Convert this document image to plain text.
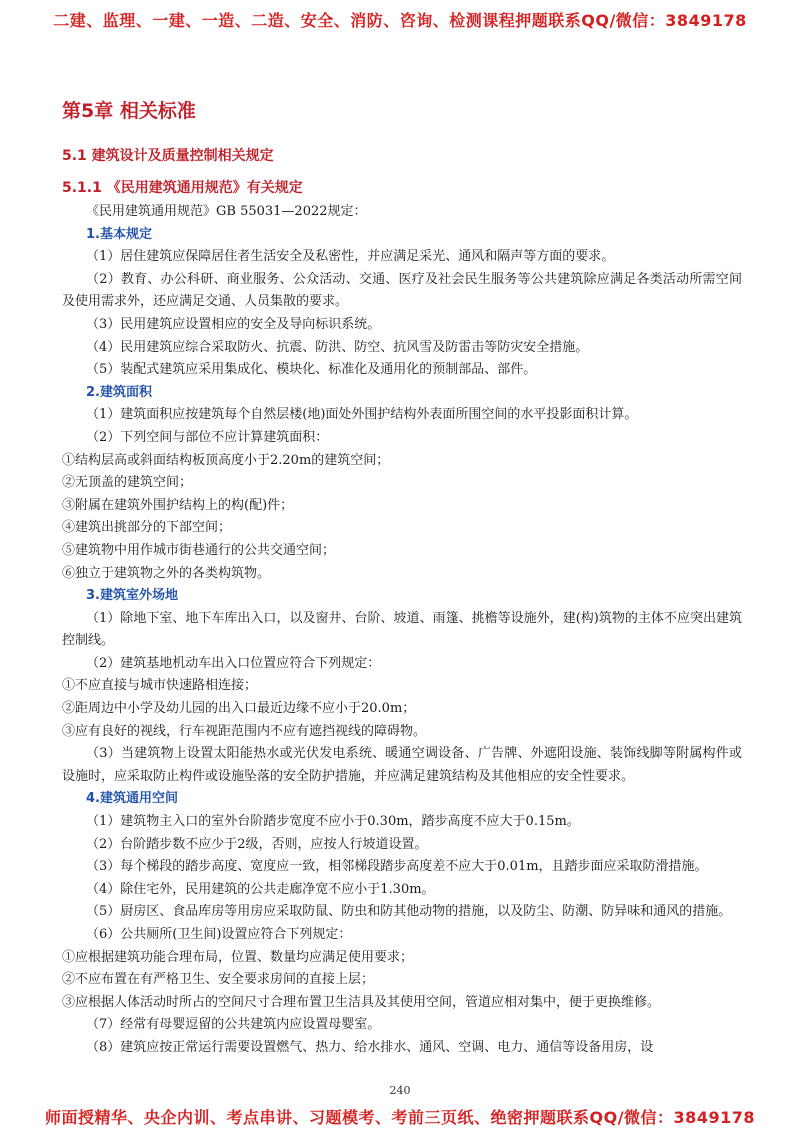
二建、监理、一建、一造、二造、安全、消防、咨询、检测课程押题联系QQ/微信：3849178
第5章 相关标准
5.1 建筑设计及质量控制相关规定
5.1.1 《民用建筑通用规范》有关规定

《民用建筑通用规范》GB 55031—2022规定：

1.基本规定

（1）居住建筑应保障居住者生活安全及私密性，并应满足采光、通风和隔声等方面的要求。

（2）教育、办公科研、商业服务、公众活动、交通、医疗及社会民生服务等公共建筑除应满足各类活动所需空间及使用需求外，还应满足交通、人员集散的要求。

（3）民用建筑应设置相应的安全及导向标识系统。

（4）民用建筑应综合采取防火、抗震、防洪、防空、抗风雪及防雷击等防灾安全措施。

（5）装配式建筑应采用集成化、模块化、标准化及通用化的预制部品、部件。

2.建筑面积

（1）建筑面积应按建筑每个自然层楼(地)面处外围护结构外表面所围空间的水平投影面积计算。

（2）下列空间与部位不应计算建筑面积：

①结构层高或斜面结构板顶高度小于2.20m的建筑空间；

②无顶盖的建筑空间；

③附属在建筑外围护结构上的构(配)件；

④建筑出挑部分的下部空间；

⑤建筑物中用作城市街巷通行的公共交通空间；

⑥独立于建筑物之外的各类构筑物。

3.建筑室外场地

（1）除地下室、地下车库出入口，以及窗井、台阶、坡道、雨篷、挑檐等设施外，建(构)筑物的主体不应突出建筑控制线。

（2）建筑基地机动车出入口位置应符合下列规定：

①不应直接与城市快速路相连接；

②距周边中小学及幼儿园的出入口最近边缘不应小于20.0m；

③应有良好的视线，行车视距范围内不应有遮挡视线的障碍物。

（3）当建筑物上设置太阳能热水或光伏发电系统、暖通空调设备、广告牌、外遮阳设施、装饰线脚等附属构件或设施时，应采取防止构件或设施坠落的安全防护措施，并应满足建筑结构及其他相应的安全性要求。

4.建筑通用空间

（1）建筑物主入口的室外台阶踏步宽度不应小于0.30m，踏步高度不应大于0.15m。

（2）台阶踏步数不应少于2级，否则，应按人行坡道设置。

（3）每个梯段的踏步高度、宽度应一致，相邻梯段踏步高度差不应大于0.01m，且踏步面应采取防滑措施。

（4）除住宅外，民用建筑的公共走廊净宽不应小于1.30m。

（5）厨房区、食品库房等用房应采取防鼠、防虫和防其他动物的措施，以及防尘、防潮、防异味和通风的措施。

（6）公共厕所(卫生间)设置应符合下列规定：

①应根据建筑功能合理布局，位置、数量均应满足使用要求；

②不应布置在有严格卫生、安全要求房间的直接上层；

③应根据人体活动时所占的空间尺寸合理布置卫生洁具及其使用空间，管道应相对集中，便于更换维修。

（7）经常有母婴逗留的公共建筑内应设置母婴室。

（8）建筑应按正常运行需要设置燃气、热力、给水排水、通风、空调、电力、通信等设备用房，设

240
师面授精华、央企内训、考点串讲、习题模考、考前三页纸、绝密押题联系QQ/微信：3849178
